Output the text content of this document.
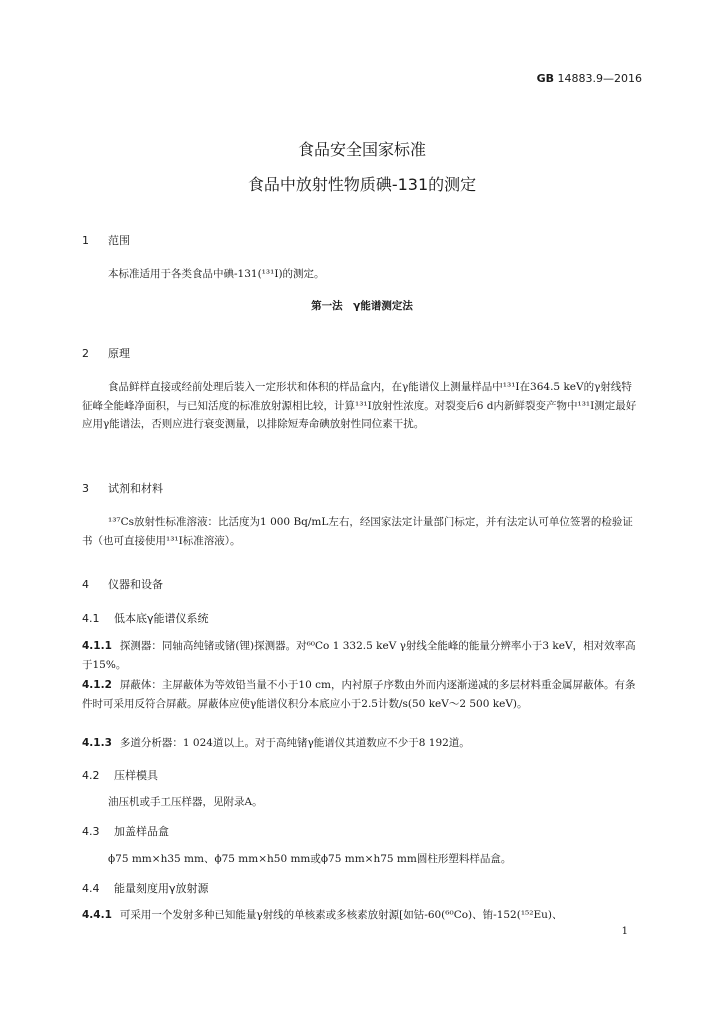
GB 14883.9—2016
食品安全国家标准
食品中放射性物质碘-131的测定
1 范围
本标准适用于各类食品中碘-131(¹³¹I)的测定。
第一法　γ能谱测定法
2 原理
食品鲜样直接或经前处理后装入一定形状和体积的样品盒内，在γ能谱仪上测量样品中¹³¹I在364.5 keV的γ射线特征峰全能峰净面积，与已知活度的标准放射源相比较，计算¹³¹I放射性浓度。对裂变后6 d内新鲜裂变产物中¹³¹I测定最好应用γ能谱法，否则应进行衰变测量，以排除短寿命碘放射性同位素干扰。
3 试剂和材料
¹³⁷Cs放射性标准溶液：比活度为1 000 Bq/mL左右，经国家法定计量部门标定，并有法定认可单位签署的检验证书（也可直接使用¹³¹I标准溶液）。
4 仪器和设备
4.1 低本底γ能谱仪系统
4.1.1 探测器：同轴高纯锗或锗(锂)探测器。对⁶⁰Co 1 332.5 keV γ射线全能峰的能量分辨率小于3 keV，相对效率高于15%。
4.1.2 屏蔽体：主屏蔽体为等效铅当量不小于10 cm，内衬原子序数由外而内逐渐递减的多层材料重金属屏蔽体。有条件时可采用反符合屏蔽。屏蔽体应使γ能谱仪积分本底应小于2.5计数/s(50 keV～2 500 keV)。
4.1.3 多道分析器：1 024道以上。对于高纯锗γ能谱仪其道数应不少于8 192道。
4.2 压样模具
油压机或手工压样器，见附录A。
4.3 加盖样品盒
ϕ75 mm×h35 mm、ϕ75 mm×h50 mm或ϕ75 mm×h75 mm圆柱形塑料样品盒。
4.4 能量刻度用γ放射源
4.4.1 可采用一个发射多种已知能量γ射线的单核素或多核素放射源[如钴-60(⁶⁰Co)、铕-152(¹⁵²Eu)、
1
